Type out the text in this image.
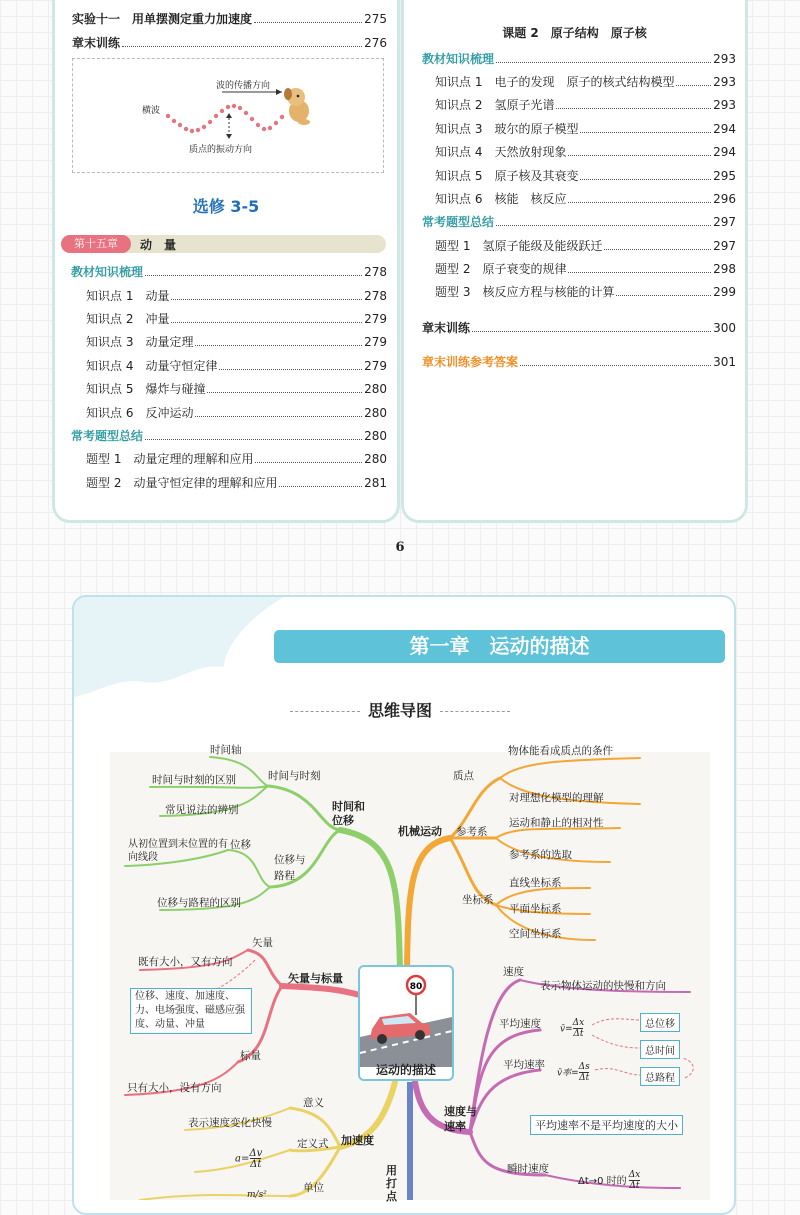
实验十一　用单摆测定重力加速度	275
章末训练	276
波的传播方向
横波
质点的振动方向
选修 3-5
第十五章	动　量
教材知识梳理	278
知识点 1　动量	278
知识点 2　冲量	279
知识点 3　动量定理	279
知识点 4　动量守恒定律	279
知识点 5　爆炸与碰撞	280
知识点 6　反冲运动	280
常考题型总结	280
题型 1　动量定理的理解和应用	280
题型 2　动量守恒定律的理解和应用	281
课题 2　原子结构　原子核
教材知识梳理	293
知识点 1　电子的发现　原子的核式结构模型	293
知识点 2　氢原子光谱	293
知识点 3　玻尔的原子模型	294
知识点 4　天然放射现象	294
知识点 5　原子核及其衰变	295
知识点 6　核能　核反应	296
常考题型总结	297
题型 1　氢原子能级及能级跃迁	297
题型 2　原子衰变的规律	298
题型 3　核反应方程与核能的计算	299
章末训练	300
章末训练参考答案	301
6
第一章　运动的描述
思维导图
80
运动的描述
时间和位移
时间与时刻
时间轴
时间与时刻的区别
常见说法的辨别
位移与路程
位移
从初位置到末位置的有向线段
位移与路程的区别
矢量与标量
矢量
既有大小，又有方向
位移、速度、加速度、力、电场强度、磁感应强度、动量、冲量
标量
只有大小，没有方向
加速度
意义
表示速度变化快慢
定义式
a=Δv
Δt
单位
m/s²
用打点
机械运动
质点
物体能看成质点的条件
对理想化模型的理解
参考系
运动和静止的相对性
参考系的选取
坐标系
直线坐标系
平面坐标系
空间坐标系
速度与速率
速度
表示物体运动的快慢和方向
平均速度 v̄=Δx
Δt
总位移
总时间
平均速率
v̄率=Δs
Δt	总路程
平均速率不是平均速度的大小
瞬时速度
Δt→0 时的Δx
Δt
